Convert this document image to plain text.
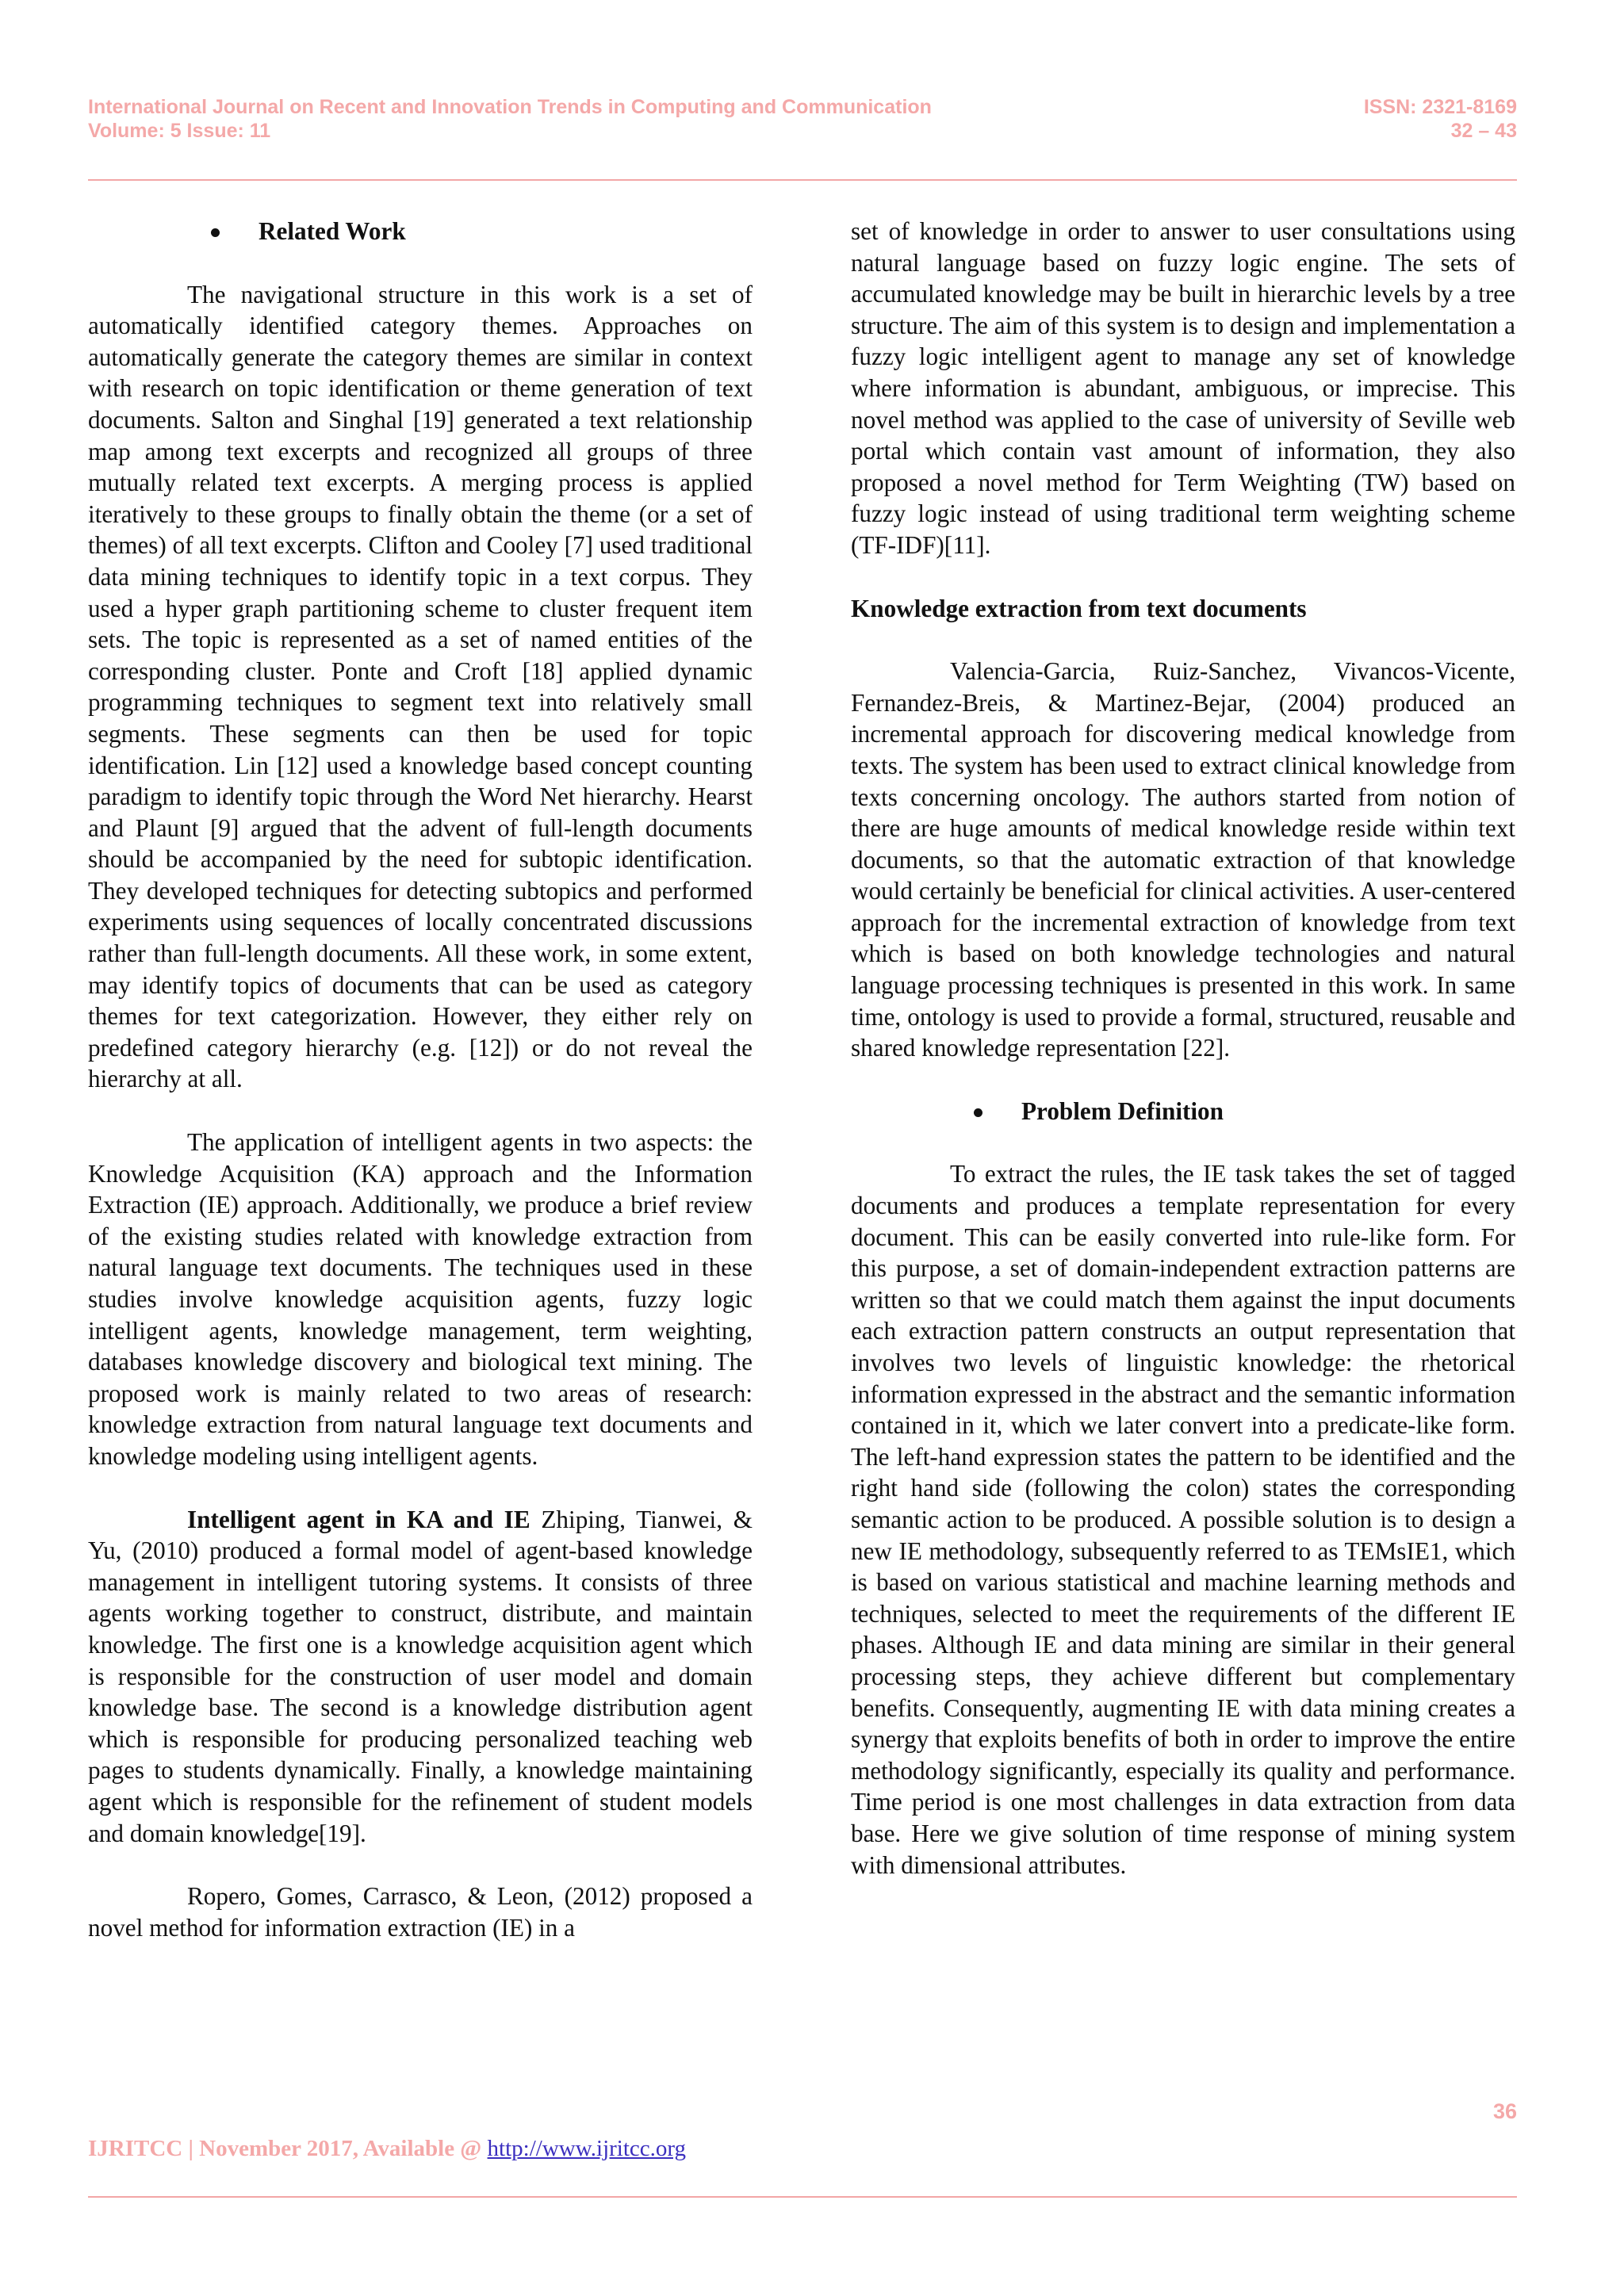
International Journal on Recent and Innovation Trends in Computing and Communication
Volume: 5 Issue: 11
ISSN: 2321-8169
32 – 43
Related Work

The navigational structure in this work is a set of automatically identified category themes. Approaches on automatically generate the category themes are similar in context with research on topic identification or theme generation of text documents. Salton and Singhal [19] generated a text relationship map among text excerpts and recognized all groups of three mutually related text excerpts. A merging process is applied iteratively to these groups to finally obtain the theme (or a set of themes) of all text excerpts. Clifton and Cooley [7] used traditional data mining techniques to identify topic in a text corpus. They used a hyper graph partitioning scheme to cluster frequent item sets. The topic is represented as a set of named entities of the corresponding cluster. Ponte and Croft [18] applied dynamic programming techniques to segment text into relatively small segments. These segments can then be used for topic identification. Lin [12] used a knowledge based concept counting paradigm to identify topic through the Word Net hierarchy. Hearst and Plaunt [9] argued that the advent of full-length documents should be accompanied by the need for subtopic identification. They developed techniques for detecting subtopics and performed experiments using sequences of locally concentrated discussions rather than full-length documents. All these work, in some extent, may identify topics of documents that can be used as category themes for text categorization. However, they either rely on predefined category hierarchy (e.g. [12]) or do not reveal the hierarchy at all.

The application of intelligent agents in two aspects: the Knowledge Acquisition (KA) approach and the Information Extraction (IE) approach. Additionally, we produce a brief review of the existing studies related with knowledge extraction from natural language text documents. The techniques used in these studies involve knowledge acquisition agents, fuzzy logic intelligent agents, knowledge management, term weighting, databases knowledge discovery and biological text mining. The proposed work is mainly related to two areas of research: knowledge extraction from natural language text documents and knowledge modeling using intelligent agents.

Intelligent agent in KA and IE Zhiping, Tianwei, & Yu, (2010) produced a formal model of agent-based knowledge management in intelligent tutoring systems. It consists of three agents working together to construct, distribute, and maintain knowledge. The first one is a knowledge acquisition agent which is responsible for the construction of user model and domain knowledge base. The second is a knowledge distribution agent which is responsible for producing personalized teaching web pages to students dynamically. Finally, a knowledge maintaining agent which is responsible for the refinement of student models and domain knowledge[19].

Ropero, Gomes, Carrasco, & Leon, (2012) proposed a novel method for information extraction (IE) in a

set of knowledge in order to answer to user consultations using natural language based on fuzzy logic engine. The sets of accumulated knowledge may be built in hierarchic levels by a tree structure. The aim of this system is to design and implementation a fuzzy logic intelligent agent to manage any set of knowledge where information is abundant, ambiguous, or imprecise. This novel method was applied to the case of university of Seville web portal which contain vast amount of information, they also proposed a novel method for Term Weighting (TW) based on fuzzy logic instead of using traditional term weighting scheme (TF-IDF)[11].

Knowledge extraction from text documents

Valencia-Garcia, Ruiz-Sanchez, Vivancos-Vicente, Fernandez-Breis, & Martinez-Bejar, (2004) produced an incremental approach for discovering medical knowledge from texts. The system has been used to extract clinical knowledge from texts concerning oncology. The authors started from notion of there are huge amounts of medical knowledge reside within text documents, so that the automatic extraction of that knowledge would certainly be beneficial for clinical activities. A user-centered approach for the incremental extraction of knowledge from text which is based on both knowledge technologies and natural language processing techniques is presented in this work. In same time, ontology is used to provide a formal, structured, reusable and shared knowledge representation [22].

Problem Definition

To extract the rules, the IE task takes the set of tagged documents and produces a template representation for every document. This can be easily converted into rule-like form. For this purpose, a set of domain-independent extraction patterns are written so that we could match them against the input documents each extraction pattern constructs an output representation that involves two levels of linguistic knowledge: the rhetorical information expressed in the abstract and the semantic information contained in it, which we later convert into a predicate-like form. The left-hand expression states the pattern to be identified and the right hand side (following the colon) states the corresponding semantic action to be produced. A possible solution is to design a new IE methodology, subsequently referred to as TEMsIE1, which is based on various statistical and machine learning methods and techniques, selected to meet the requirements of the different IE phases. Although IE and data mining are similar in their general processing steps, they achieve different but complementary benefits. Consequently, augmenting IE with data mining creates a synergy that exploits benefits of both in order to improve the entire methodology significantly, especially its quality and performance. Time period is one most challenges in data extraction from data base. Here we give solution of time response of mining system with dimensional attributes.

36
IJRITCC | November 2017, Available @ http://www.ijritcc.org
